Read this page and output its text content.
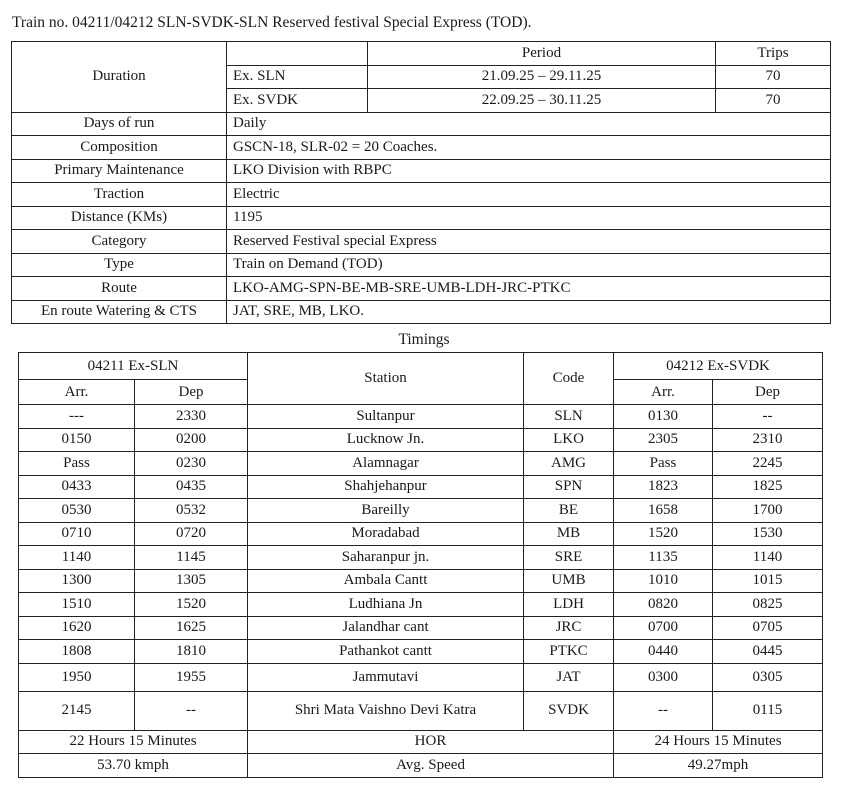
Train no. 04211/04212 SLN-SVDK-SLN Reserved festival Special Express (TOD).
Duration		Period	Trips
	Ex. SLN	21.09.25 – 29.11.25	70
	Ex. SVDK	22.09.25 – 30.11.25	70
Days of run	Daily		
Composition	GSCN-18, SLR-02 = 20 Coaches.		
Primary Maintenance	LKO Division with RBPC		
Traction	Electric		
Distance (KMs)	1195		
Category	Reserved Festival special Express		
Type	Train on Demand (TOD)		
Route	LKO-AMG-SPN-BE-MB-SRE-UMB-LDH-JRC-PTKC		
En route Watering & CTS	JAT, SRE, MB, LKO.		
Timings
04211 Ex-SLN		Station	Code	04212 Ex-SVDK	
Arr.	Dep			Arr.	Dep
---	2330	Sultanpur	SLN	0130	--
0150	0200	Lucknow Jn.	LKO	2305	2310
Pass	0230	Alamnagar	AMG	Pass	2245
0433	0435	Shahjehanpur	SPN	1823	1825
0530	0532	Bareilly	BE	1658	1700
0710	0720	Moradabad	MB	1520	1530
1140	1145	Saharanpur jn.	SRE	1135	1140
1300	1305	Ambala Cantt	UMB	1010	1015
1510	1520	Ludhiana Jn	LDH	0820	0825
1620	1625	Jalandhar cant	JRC	0700	0705
1808	1810	Pathankot cantt	PTKC	0440	0445
1950	1955	Jammutavi	JAT	0300	0305
2145	--	Shri Mata Vaishno Devi Katra	SVDK	--	0115
22 Hours 15 Minutes		HOR		24 Hours 15 Minutes	
53.70 kmph		Avg. Speed		49.27mph	
